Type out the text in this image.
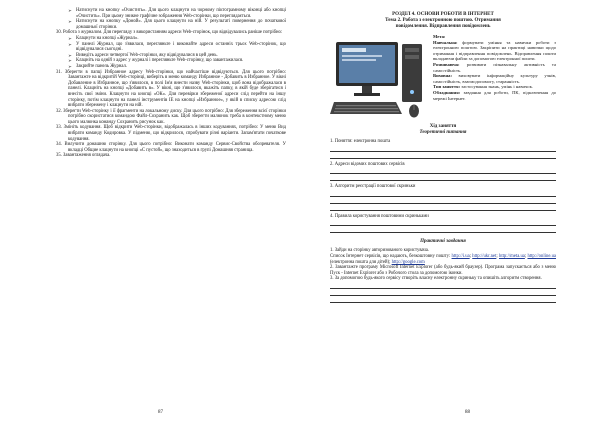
➢ Натиснути на кнопку «Очистить». Для цього клацнути на чорному піктограмному віконці або кнопці «Очистить». При цьому зникне графічне зображення Web-сторінки, що переглядається.
➢ Натиснути на кнопку «Домой». Для цього клацнути на ній. У результаті повернення до початкової домашньої сторінки.

30. Робота з журналом. Для перегляду з використанням адреси Web-сторінок, що відвідувались раніше потрібно:

➢ Клацнути на кнопці «Журнал».
➢ У панелі Журнал, що з'явилася, перегляньте і виконайте адреси останніх трьох Web-сторінок, що відвідувалися сьогодні.
➢ Виведіть адреси четвертої Web-сторінки, яку відвідувалися в цей день.
➢ Клацніть на одній з адрес у журналі і перегляньте Web-сторінку, що завантажилася.
➢ Закрийте панель Журнал.

31. Зберегти в папці Избранное адресу Web-сторінки, що найчастіше відвідуються. Для цього потрібно: Завантажте на відкритій Web-сторінці, виберіть в меню команду Избранное - Добавить в Избранное. У вікні Добавление в Избранное, що з'явилося, в полі Ім'я внести назву Web-сторінки, щоб вона відображалася в панелі. Клацніть на кнопці «Добавить в». У вікні, що з'явилося, вкажіть папку, в якій буде зберігатися і внесіть свої зміни. Клацнути на кнопці «ОК». Для перевірки збереженої адреси слід перейти на іншу сторінку, потім клацнути на панелі інструментів IE на кнопці «Избранное», у якій в списку адресою слід вибрати збережену і клацнути на ній.

32. Зберегти Web-сторінку і її фрагменти на локальному диску. Для цього потрібно: Для збереження всієї сторінки потрібно скористатися командою Файл-Сохранить как. Щоб зберегти малюнок треба в контекстному меню цього малюнка команду Сохранить рисунок как.

33. Змініть кодування. Щоб відкрити Web-сторінки, відображалась в інших кодуваннях, потрібно: У меню Вид вибрати команду Кодировка. У підменю, що відкрилося, спробувати різні варіанти. Запам'ятати початкове кодування.

34. Вилучити домашню сторінку. Для цього потрібно: Виконати команду Сервис-Свойства обозревателя. У вкладці Общие клацнути на кнопці «С пустой», що знаходиться в групі Домашняя страница.

35. Завантаження оглядача.

87
РОЗДІЛ 4. ОСНОВИ РОБОТИ В ІНТЕРНЕТ
Тема 2. Робота з електронною поштою. Отримання
повідомлення. Відправлення повідомлень
Мета:
Навчальна: формувати уміння та навички роботи з електронною поштою. Закріпити на практиці навички щодо отримання і відправлення повідомлень. Відправлення пошти вкладаючи файли за допомогою електронної пошти.
Розвиваюча: розвивати пізнавальну активність та самостійність.
Виховна: виховувати інформаційну культуру учнів, самостійність, взаємодопомогу, старанність.
Тип заняття: застосування знань, умінь і навичок.
Обладнання: завдання для роботи, ПК, підключення до мережі Інтернет.
Хід заняття
Теоретичні питання
1. Поняття: електронна пошта
2. Адреси відомих поштових сервісів
3. Алгоритм реєстрації поштової скриньки
4. Правила користування поштовими скриньками
Практичні завдання
1. Зайди на сторінку авторизованого користувача.
Список Інтернет сервісів, що надають, безкоштовну пошту: http://i.ua; http://ukr.net; http://meta.ua; http://online.ua (електронна пошта для дітей); http://google.com
2. Завантажте програму Microsoft Internet Explorer (або будь-який браузер). Програма запускається або з меню Пуск - Internet Explorer або з Робочого стола за допомогою іконки.
3. За допомогою будь-якого сервісу створіть власну електронну скриньку та опишіть алгоритм створення.
88
